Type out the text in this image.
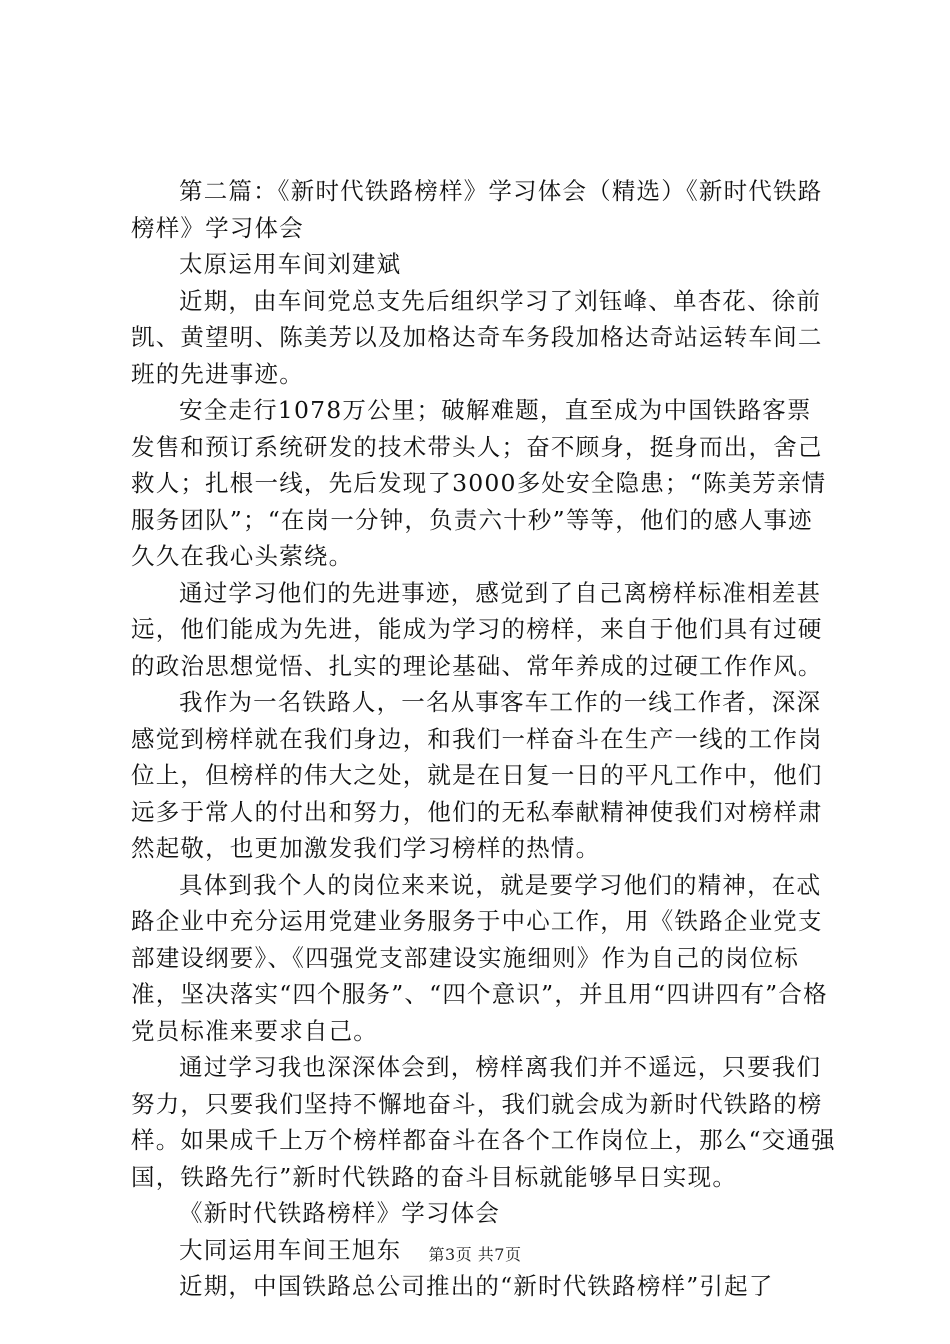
第二篇：《新时代铁路榜样》学习体会（精选）《新时代铁路榜样》学习体会

太原运用车间刘建斌

近期，由车间党总支先后组织学习了刘钰峰、单杏花、徐前凯、黄望明、陈美芳以及加格达奇车务段加格达奇站运转车间二班的先进事迹。

安全走行1078万公里；破解难题，直至成为中国铁路客票发售和预订系统研发的技术带头人；奋不顾身，挺身而出，舍己救人；扎根一线，先后发现了3000多处安全隐患；“陈美芳亲情服务团队”；“在岗一分钟，负责六十秒”等等，他们的感人事迹久久在我心头萦绕。

通过学习他们的先进事迹，感觉到了自己离榜样标准相差甚远，他们能成为先进，能成为学习的榜样，来自于他们具有过硬的政治思想觉悟、扎实的理论基础、常年养成的过硬工作作风。

我作为一名铁路人，一名从事客车工作的一线工作者，深深感觉到榜样就在我们身边，和我们一样奋斗在生产一线的工作岗位上，但榜样的伟大之处，就是在日复一日的平凡工作中，他们远多于常人的付出和努力，他们的无私奉献精神使我们对榜样肃然起敬，也更加激发我们学习榜样的热情。

具体到我个人的岗位来来说，就是要学习他们的精神，在忒路企业中充分运用党建业务服务于中心工作，用《铁路企业党支部建设纲要》、《四强党支部建设实施细则》作为自己的岗位标准，坚决落实“四个服务”、“四个意识”，并且用“四讲四有”合格党员标准来要求自己。

通过学习我也深深体会到，榜样离我们并不遥远，只要我们努力，只要我们坚持不懈地奋斗，我们就会成为新时代铁路的榜样。如果成千上万个榜样都奋斗在各个工作岗位上，那么“交通强国，铁路先行”新时代铁路的奋斗目标就能够早日实现。

《新时代铁路榜样》学习体会

大同运用车间王旭东

近期，中国铁路总公司推出的“新时代铁路榜样”引起了

第3页 共7页
